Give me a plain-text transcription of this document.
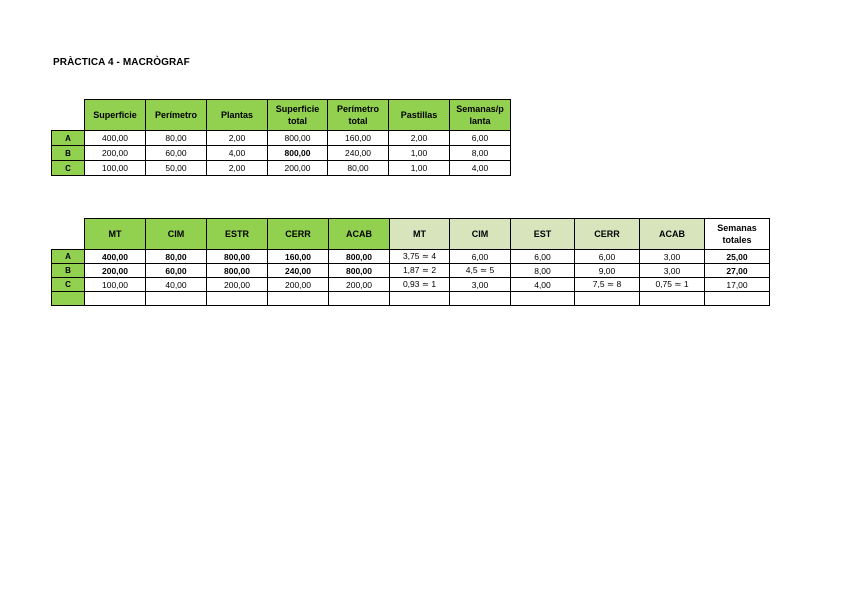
PRÀCTICA 4 - MACRÒGRAF
	Superficie	Perímetro	Plantas	Superficie total	Perímetro total	Pastillas	Semanas/p lanta
A	400,00	80,00	2,00	800,00	160,00	2,00	6,00
B	200,00	60,00	4,00	800,00	240,00	1,00	8,00
C	100,00	50,00	2,00	200,00	80,00	1,00	4,00
	MT	CIM	ESTR	CERR	ACAB	MT	CIM	EST	CERR	ACAB	Semanas totales
A	400,00	80,00	800,00	160,00	800,00	3,75 ≃ 4	6,00	6,00	6,00	3,00	25,00
B	200,00	60,00	800,00	240,00	800,00	1,87 ≃ 2	4,5 ≃ 5	8,00	9,00	3,00	27,00
C	100,00	40,00	200,00	200,00	200,00	0,93 ≃ 1	3,00	4,00	7,5 ≃ 8	0,75 ≃ 1	17,00
